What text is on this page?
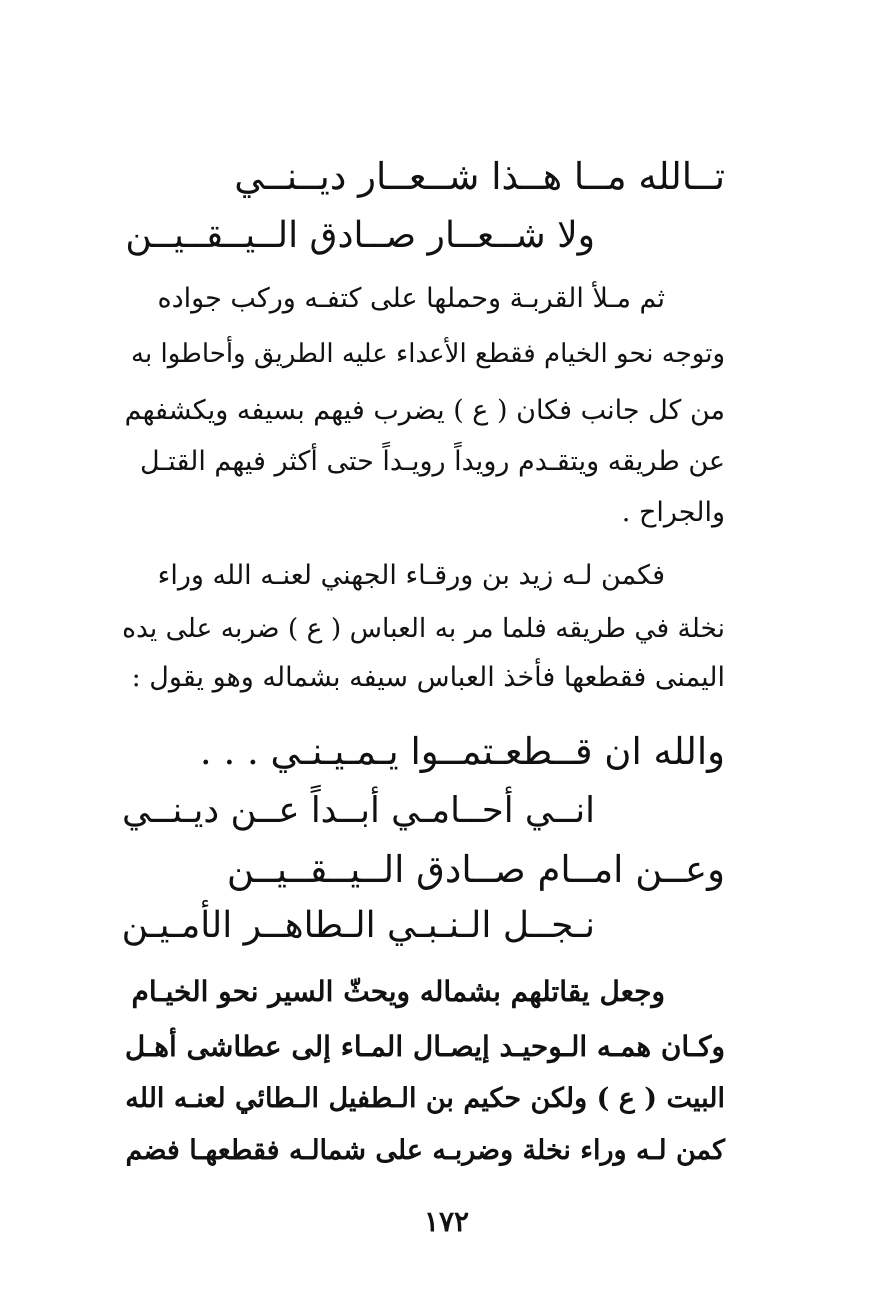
تــالله مــا هــذا شــعــار ديــنــي
ولا شــعــار صــادق الــيــقــيــن
ثم مـلأ القربـة وحملها على كتفـه وركب جواده
وتوجه نحو الخيام فقطع الأعداء عليه الطريق وأحاطوا به
من كل جانب فكان ( ع ) يضرب فيهم بسيفه ويكشفهم
عن طريقه ويتقـدم رويداً رويـداً حتى أكثر فيهم القتـل
والجراح .
فكمن لـه زيد بن ورقـاء الجهني لعنـه الله وراء
نخلة في طريقه فلما مر به العباس ( ع ) ضربه على يده
اليمنى فقطعها فأخذ العباس سيفه بشماله وهو يقول :
والله ان قــطعـتمــوا يـمـيـنـي . . .
انــي أحــامـي أبــداً عــن ديـنــي
وعــن امــام صــادق الــيــقــيــن
نـجــل الـنـبـي الـطاهــر الأمـيـن
وجعل يقاتلهم بشماله ويحثّ السير نحو الخيـام
وكـان همـه الـوحيـد إيصـال المـاء إلى عطاشى أهـل
البيت ( ع ) ولكن حكيم بن الـطفيل الـطائي لعنـه الله
كمن لـه وراء نخلة وضربـه على شمالـه فقطعهـا فضم
١٧٢
